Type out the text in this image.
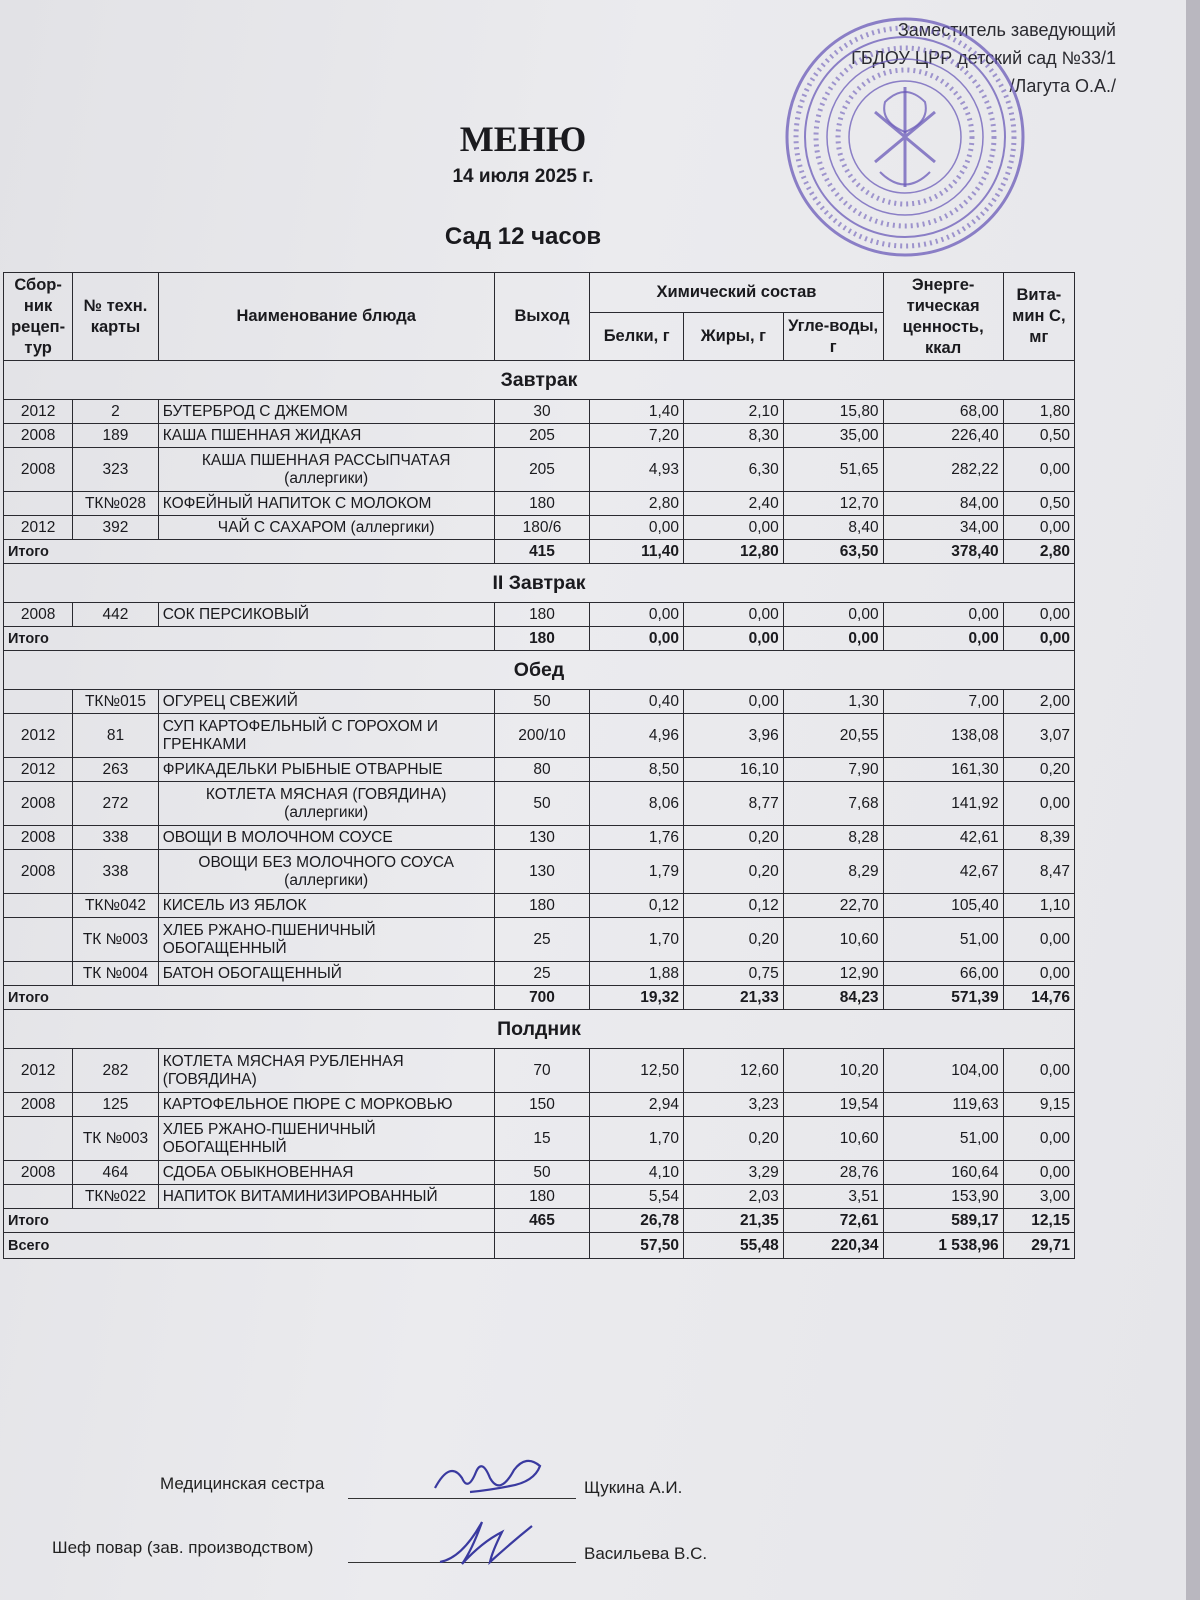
Заместитель заведующий
ГБДОУ ЦРР детский сад №33/1
/Лагута О.А./
МЕНЮ
14 июля 2025 г.
Сад 12 часов
Сбор-ник рецеп-тур	№ техн. карты	Наименование блюда	Выход	Химический состав			Энерге-тическая ценность, ккал	Вита-мин С, мг
				Белки, г	Жиры, г	Угле-воды, г		
Завтрак								
2012	2	БУТЕРБРОД С ДЖЕМОМ	30	1,40	2,10	15,80	68,00	1,80
2008	189	КАША ПШЕННАЯ ЖИДКАЯ	205	7,20	8,30	35,00	226,40	0,50
2008	323	КАША ПШЕННАЯ РАССЫПЧАТАЯ (аллергики)	205	4,93	6,30	51,65	282,22	0,00
	ТК№028	КОФЕЙНЫЙ НАПИТОК С МОЛОКОМ	180	2,80	2,40	12,70	84,00	0,50
2012	392	ЧАЙ С САХАРОМ (аллергики)	180/6	0,00	0,00	8,40	34,00	0,00
Итого			415	11,40	12,80	63,50	378,40	2,80
II Завтрак								
2008	442	СОК ПЕРСИКОВЫЙ	180	0,00	0,00	0,00	0,00	0,00
Итого			180	0,00	0,00	0,00	0,00	0,00
Обед								
	ТК№015	ОГУРЕЦ СВЕЖИЙ	50	0,40	0,00	1,30	7,00	2,00
2012	81	СУП КАРТОФЕЛЬНЫЙ С ГОРОХОМ И ГРЕНКАМИ	200/10	4,96	3,96	20,55	138,08	3,07
2012	263	ФРИКАДЕЛЬКИ РЫБНЫЕ ОТВАРНЫЕ	80	8,50	16,10	7,90	161,30	0,20
2008	272	КОТЛЕТА МЯСНАЯ (ГОВЯДИНА) (аллергики)	50	8,06	8,77	7,68	141,92	0,00
2008	338	ОВОЩИ В МОЛОЧНОМ СОУСЕ	130	1,76	0,20	8,28	42,61	8,39
2008	338	ОВОЩИ БЕЗ МОЛОЧНОГО СОУСА (аллергики)	130	1,79	0,20	8,29	42,67	8,47
	ТК№042	КИСЕЛЬ ИЗ ЯБЛОК	180	0,12	0,12	22,70	105,40	1,10
	ТК №003	ХЛЕБ РЖАНО-ПШЕНИЧНЫЙ ОБОГАЩЕННЫЙ	25	1,70	0,20	10,60	51,00	0,00
	ТК №004	БАТОН ОБОГАЩЕННЫЙ	25	1,88	0,75	12,90	66,00	0,00
Итого			700	19,32	21,33	84,23	571,39	14,76
Полдник								
2012	282	КОТЛЕТА МЯСНАЯ РУБЛЕННАЯ (ГОВЯДИНА)	70	12,50	12,60	10,20	104,00	0,00
2008	125	КАРТОФЕЛЬНОЕ ПЮРЕ С МОРКОВЬЮ	150	2,94	3,23	19,54	119,63	9,15
	ТК №003	ХЛЕБ РЖАНО-ПШЕНИЧНЫЙ ОБОГАЩЕННЫЙ	15	1,70	0,20	10,60	51,00	0,00
2008	464	СДОБА ОБЫКНОВЕННАЯ	50	4,10	3,29	28,76	160,64	0,00
	ТК№022	НАПИТОК ВИТАМИНИЗИРОВАННЫЙ	180	5,54	2,03	3,51	153,90	3,00
Итого			465	26,78	21,35	72,61	589,17	12,15
Всего				57,50	55,48	220,34	1 538,96	29,71
Медицинская сестра	Щукина А.И.
Шеф повар (зав. производством)	Васильева В.С.
